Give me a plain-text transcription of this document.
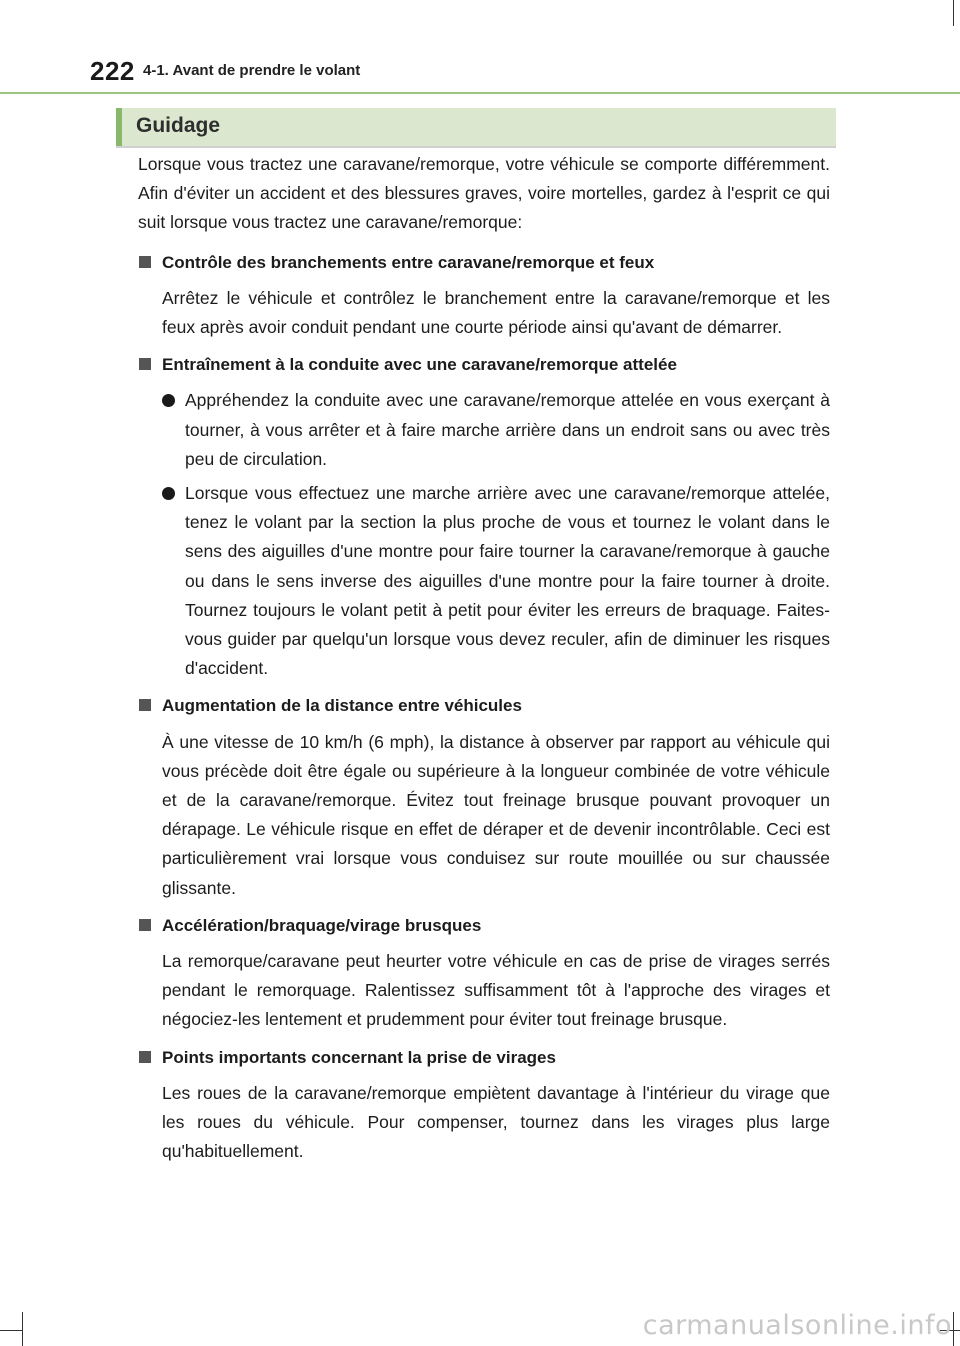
222 4-1. Avant de prendre le volant
Guidage

Lorsque vous tractez une caravane/remorque, votre véhicule se comporte différemment. Afin d'éviter un accident et des blessures graves, voire mortelles, gardez à l'esprit ce qui suit lorsque vous tractez une caravane/remorque:

Contrôle des branchements entre caravane/remorque et feux

Arrêtez le véhicule et contrôlez le branchement entre la caravane/remorque et les feux après avoir conduit pendant une courte période ainsi qu'avant de démarrer.

Entraînement à la conduite avec une caravane/remorque attelée

Appréhendez la conduite avec une caravane/remorque attelée en vous exerçant à tourner, à vous arrêter et à faire marche arrière dans un endroit sans ou avec très peu de circulation.

Lorsque vous effectuez une marche arrière avec une caravane/remorque attelée, tenez le volant par la section la plus proche de vous et tournez le volant dans le sens des aiguilles d'une montre pour faire tourner la caravane/remorque à gauche ou dans le sens inverse des aiguilles d'une montre pour la faire tourner à droite. Tournez toujours le volant petit à petit pour éviter les erreurs de braquage. Faites-vous guider par quelqu'un lorsque vous devez reculer, afin de diminuer les risques d'accident.

Augmentation de la distance entre véhicules

À une vitesse de 10 km/h (6 mph), la distance à observer par rapport au véhicule qui vous précède doit être égale ou supérieure à la longueur combinée de votre véhicule et de la caravane/remorque. Évitez tout freinage brusque pouvant provoquer un dérapage. Le véhicule risque en effet de déraper et de devenir incontrôlable. Ceci est particulièrement vrai lorsque vous conduisez sur route mouillée ou sur chaussée glissante.

Accélération/braquage/virage brusques

La remorque/caravane peut heurter votre véhicule en cas de prise de virages serrés pendant le remorquage. Ralentissez suffisamment tôt à l'approche des virages et négociez-les lentement et prudemment pour éviter tout freinage brusque.

Points importants concernant la prise de virages

Les roues de la caravane/remorque empiètent davantage à l'intérieur du virage que les roues du véhicule. Pour compenser, tournez dans les virages plus large qu'habituellement.

carmanualsonline.info
